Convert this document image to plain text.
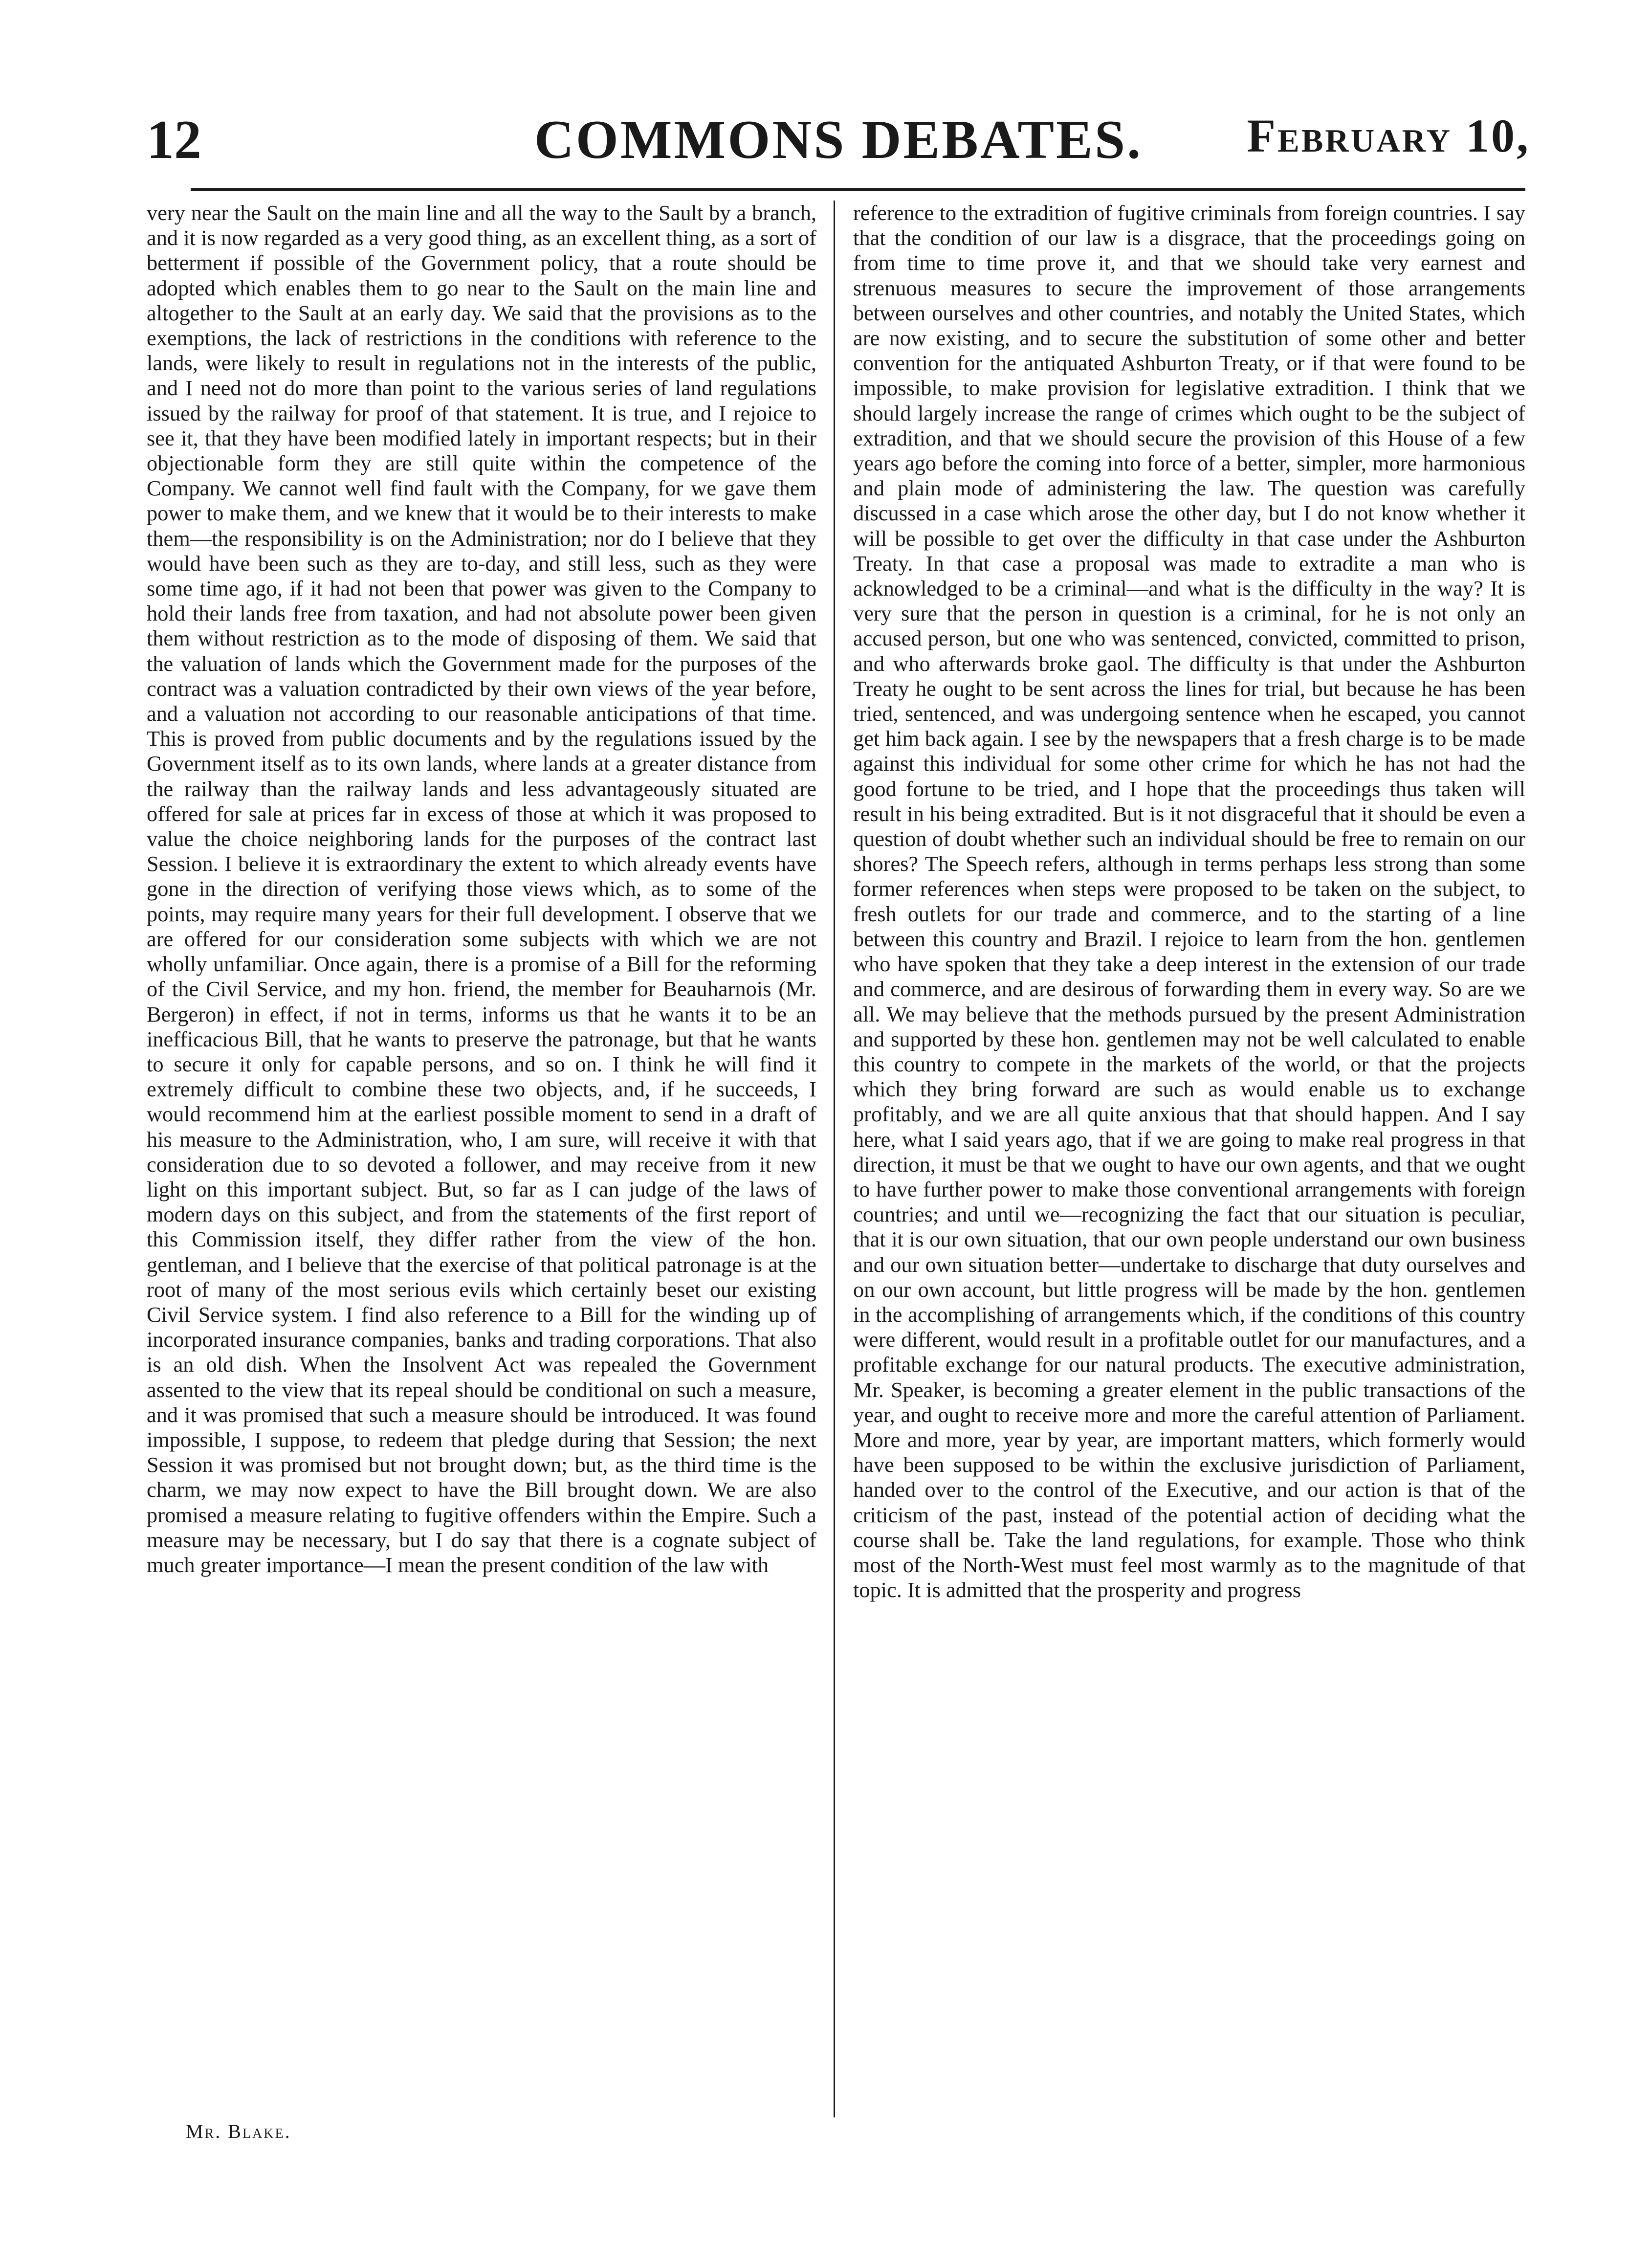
12	COMMONS DEBATES.	February 10,
very near the Sault on the main line and all the way to the Sault by a branch, and it is now regarded as a very good thing, as an excellent thing, as a sort of betterment if possible of the Government policy, that a route should be adopted which enables them to go near to the Sault on the main line and altogether to the Sault at an early day. We said that the provisions as to the exemptions, the lack of restrictions in the conditions with reference to the lands, were likely to result in regulations not in the interests of the public, and I need not do more than point to the various series of land regulations issued by the railway for proof of that statement. It is true, and I rejoice to see it, that they have been modified lately in important respects; but in their objectionable form they are still quite within the competence of the Company. We cannot well find fault with the Company, for we gave them power to make them, and we knew that it would be to their interests to make them—the responsibility is on the Administration; nor do I believe that they would have been such as they are to-day, and still less, such as they were some time ago, if it had not been that power was given to the Company to hold their lands free from taxation, and had not absolute power been given them without restriction as to the mode of disposing of them. We said that the valuation of lands which the Government made for the purposes of the contract was a valuation contradicted by their own views of the year before, and a valuation not according to our reasonable anticipations of that time. This is proved from public documents and by the regulations issued by the Government itself as to its own lands, where lands at a greater distance from the railway than the railway lands and less advantageously situated are offered for sale at prices far in excess of those at which it was proposed to value the choice neighboring lands for the purposes of the contract last Session. I believe it is extraordinary the extent to which already events have gone in the direction of verifying those views which, as to some of the points, may require many years for their full development. I observe that we are offered for our consideration some subjects with which we are not wholly unfamiliar. Once again, there is a promise of a Bill for the reforming of the Civil Service, and my hon. friend, the member for Beauharnois (Mr. Bergeron) in effect, if not in terms, informs us that he wants it to be an inefficacious Bill, that he wants to preserve the patronage, but that he wants to secure it only for capable persons, and so on. I think he will find it extremely difficult to combine these two objects, and, if he succeeds, I would recommend him at the earliest possible moment to send in a draft of his measure to the Administration, who, I am sure, will receive it with that consideration due to so devoted a follower, and may receive from it new light on this important subject. But, so far as I can judge of the laws of modern days on this subject, and from the statements of the first report of this Commission itself, they differ rather from the view of the hon. gentleman, and I believe that the exercise of that political patronage is at the root of many of the most serious evils which certainly beset our existing Civil Service system. I find also reference to a Bill for the winding up of incorporated insurance companies, banks and trading corporations. That also is an old dish. When the Insolvent Act was repealed the Government assented to the view that its repeal should be conditional on such a measure, and it was promised that such a measure should be introduced. It was found impossible, I suppose, to redeem that pledge during that Session; the next Session it was promised but not brought down; but, as the third time is the charm, we may now expect to have the Bill brought down. We are also promised a measure relating to fugitive offenders within the Empire. Such a measure may be necessary, but I do say that there is a cognate subject of much greater importance—I mean the present condition of the law with
reference to the extradition of fugitive criminals from foreign countries. I say that the condition of our law is a disgrace, that the proceedings going on from time to time prove it, and that we should take very earnest and strenuous measures to secure the improvement of those arrangements between ourselves and other countries, and notably the United States, which are now existing, and to secure the substitution of some other and better convention for the antiquated Ashburton Treaty, or if that were found to be impossible, to make provision for legislative extradition. I think that we should largely increase the range of crimes which ought to be the subject of extradition, and that we should secure the provision of this House of a few years ago before the coming into force of a better, simpler, more harmonious and plain mode of administering the law. The question was carefully discussed in a case which arose the other day, but I do not know whether it will be possible to get over the difficulty in that case under the Ashburton Treaty. In that case a proposal was made to extradite a man who is acknowledged to be a criminal—and what is the difficulty in the way? It is very sure that the person in question is a criminal, for he is not only an accused person, but one who was sentenced, convicted, committed to prison, and who afterwards broke gaol. The difficulty is that under the Ashburton Treaty he ought to be sent across the lines for trial, but because he has been tried, sentenced, and was undergoing sentence when he escaped, you cannot get him back again. I see by the newspapers that a fresh charge is to be made against this individual for some other crime for which he has not had the good fortune to be tried, and I hope that the proceedings thus taken will result in his being extradited. But is it not disgraceful that it should be even a question of doubt whether such an individual should be free to remain on our shores? The Speech refers, although in terms perhaps less strong than some former references when steps were proposed to be taken on the subject, to fresh outlets for our trade and commerce, and to the starting of a line between this country and Brazil. I rejoice to learn from the hon. gentlemen who have spoken that they take a deep interest in the extension of our trade and commerce, and are desirous of forwarding them in every way. So are we all. We may believe that the methods pursued by the present Administration and supported by these hon. gentlemen may not be well calculated to enable this country to compete in the markets of the world, or that the projects which they bring forward are such as would enable us to exchange profitably, and we are all quite anxious that that should happen. And I say here, what I said years ago, that if we are going to make real progress in that direction, it must be that we ought to have our own agents, and that we ought to have further power to make those conventional arrangements with foreign countries; and until we—recognizing the fact that our situation is peculiar, that it is our own situation, that our own people understand our own business and our own situation better—undertake to discharge that duty ourselves and on our own account, but little progress will be made by the hon. gentlemen in the accomplishing of arrangements which, if the conditions of this country were different, would result in a profitable outlet for our manufactures, and a profitable exchange for our natural products. The executive administration, Mr. Speaker, is becoming a greater element in the public transactions of the year, and ought to receive more and more the careful attention of Parliament. More and more, year by year, are important matters, which formerly would have been supposed to be within the exclusive jurisdiction of Parliament, handed over to the control of the Executive, and our action is that of the criticism of the past, instead of the potential action of deciding what the course shall be. Take the land regulations, for example. Those who think most of the North-West must feel most warmly as to the magnitude of that topic. It is admitted that the prosperity and progress
Mr. Blake.
